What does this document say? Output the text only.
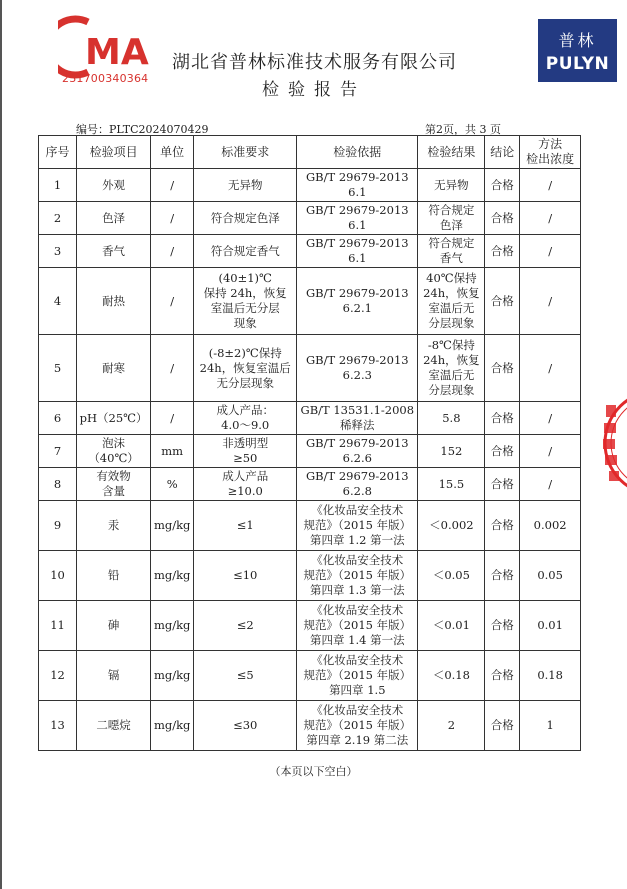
MA
231700340364
湖北省普林标准技术服务有限公司
检验报告
普林
PULYN
编号：PLTC2024070429	第2页，共 3 页
序号	检验项目	单位	标准要求	检验依据	检验结果	结论	方法
检出浓度
1	外观	/	无异物	GB/T 29679-2013
6.1	无异物	合格	/
2	色泽	/	符合规定色泽	GB/T 29679-2013
6.1	符合规定
色泽	合格	/
3	香气	/	符合规定香气	GB/T 29679-2013
6.1	符合规定
香气	合格	/
4	耐热	/	(40±1)℃
保持 24h，恢复
室温后无分层
现象	GB/T 29679-2013
6.2.1	40℃保持
24h，恢复
室温后无
分层现象	合格	/
5	耐寒	/	(-8±2)℃保持
24h，恢复室温后
无分层现象	GB/T 29679-2013
6.2.3	-8℃保持
24h，恢复
室温后无
分层现象	合格	/
6	pH（25℃）	/	成人产品：
4.0～9.0	GB/T 13531.1-2008
稀释法	5.8	合格	/
7	泡沫
（40℃）	mm	非透明型
≥50	GB/T 29679-2013
6.2.6	152	合格	/
8	有效物
含量	%	成人产品
≥10.0	GB/T 29679-2013
6.2.8	15.5	合格	/
9	汞	mg/kg	≤1	《化妆品安全技术
规范》（2015 年版）
第四章 1.2 第一法	＜0.002	合格	0.002
10	铅	mg/kg	≤10	《化妆品安全技术
规范》（2015 年版）
第四章 1.3 第一法	＜0.05	合格	0.05
11	砷	mg/kg	≤2	《化妆品安全技术
规范》（2015 年版）
第四章 1.4 第一法	＜0.01	合格	0.01
12	镉	mg/kg	≤5	《化妆品安全技术
规范》（2015 年版）
第四章 1.5	＜0.18	合格	0.18
13	二噁烷	mg/kg	≤30	《化妆品安全技术
规范》（2015 年版）
第四章 2.19 第二法	2	合格	1
（本页以下空白）
